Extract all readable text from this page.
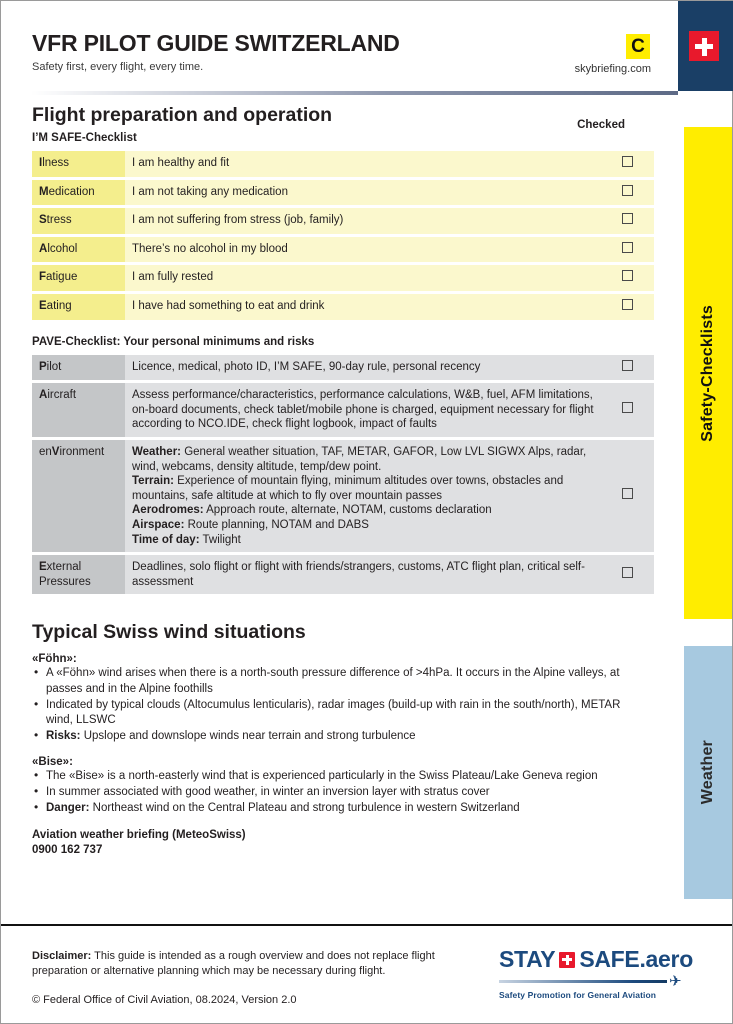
VFR PILOT GUIDE SWITZERLAND
Safety first, every flight, every time.
C
skybriefing.com
Safety-Checklists
Weather
Flight preparation and operation
I’M SAFE-Checklist
Checked
Ilness	I am healthy and fit	
Medication	I am not taking any medication	
Stress	I am not suffering from stress (job, family)	
Alcohol	There’s no alcohol in my blood	
Fatigue	I am fully rested	
Eating	I have had something to eat and drink	
PAVE-Checklist: Your personal minimums and risks
Pilot	Licence, medical, photo ID, I’M SAFE, 90-day rule, personal recency	
Aircraft	Assess performance/characteristics, performance calculations, W&B, fuel, AFM limitations, on-board documents, check tablet/mobile phone is charged, equipment necessary for flight according to NCO.IDE, check flight logbook, impact of faults	
enVironment	Weather: General weather situation, TAF, METAR, GAFOR, Low LVL SIGWX Alps, radar, wind, webcams, density altitude, temp/dew point.
Terrain: Experience of mountain flying, minimum altitudes over towns, obstacles and mountains, safe altitude at which to fly over mountain passes
Aerodromes: Approach route, alternate, NOTAM, customs declaration
Airspace: Route planning, NOTAM and DABS
Time of day: Twilight	
External
Pressures	Deadlines, solo flight or flight with friends/strangers, customs, ATC flight plan, critical self-assessment	
Typical Swiss wind situations
«Föhn»:
• A «Föhn» wind arises when there is a north-south pressure difference of >4hPa. It occurs in the Alpine valleys, at passes and in the Alpine foothills
• Indicated by typical clouds (Altocumulus lenticularis), radar images (build-up with rain in the south/north), METAR wind, LLSWC
• Risks: Upslope and downslope winds near terrain and strong turbulence
«Bise»:
• The «Bise» is a north-easterly wind that is experienced particularly in the Swiss Plateau/Lake Geneva region
• In summer associated with good weather, in winter an inversion layer with stratus cover
• Danger: Northeast wind on the Central Plateau and strong turbulence in western Switzerland
Aviation weather briefing (MeteoSwiss)
0900 162 737
Disclaimer: This guide is intended as a rough overview and does not replace flight preparation or alternative planning which may be necessary during flight.
© Federal Office of Civil Aviation, 08.2024, Version 2.0
STAY SAFE.aero
✈
Safety Promotion for General Aviation
